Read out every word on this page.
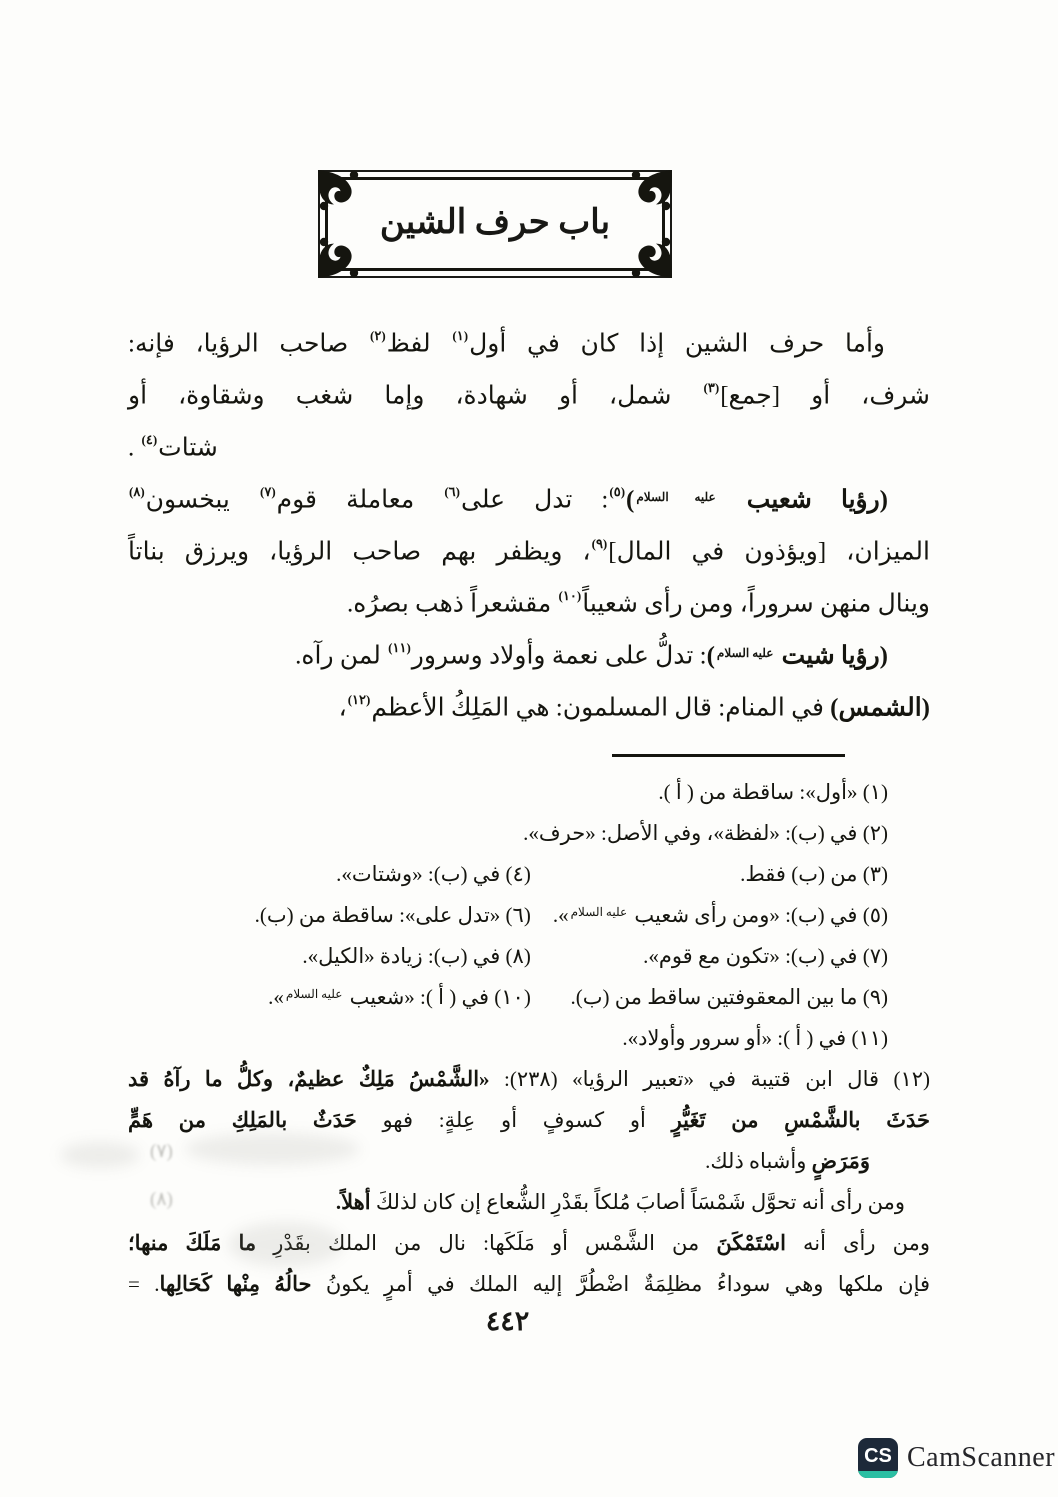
باب حرف الشين
وأما حرف الشين إذا كان في أول$^{(١)}$ لفظ$^{(٢)}$ صاحب الرؤيا، فإنه:
شرف، أو [جمع]$^{(٣)}$ شمل، أو شهادة، وإما شغب وشقاوة، أو
شتات$^{(٤)}$ .
(رؤيا شعيب $^{عليه السلام}$)$^{(٥)}$: تدل على$^{(٦)}$ معاملة قوم$^{(٧)}$ يبخسون$^{(٨)}$
الميزان، [ويؤذون في المال]$^{(٩)}$، ويظفر بهم صاحب الرؤيا، ويرزق بناتاً
وينال منهن سروراً، ومن رأى شعيباً$^{(١٠)}$ مقشعراً ذهب بصرُه.
(رؤيا شيت $^{عليه السلام}$): تدلُّ على نعمة وأولاد وسرور$^{(١١)}$ لمن رآه.
(الشمس) في المنام: قال المسلمون: هي المَلِكُ الأعظم$^{(١٢)}$،
(١) «أول»: ساقطة من ( أ ).
(٢) في (ب): «لفظة»، وفي الأصل: «حرف».
(٣) من (ب) فقط.
(٤) في (ب): «وشتات».
(٥) في (ب): «ومن رأى شعيب $^{عليه السلام}$».
(٦) «تدل على»: ساقطة من (ب).
(٧) في (ب): «تكون مع قوم».
(٨) في (ب): زيادة «الكيل».
(٩) ما بين المعقوفتين ساقط من (ب).
(١٠) في ( أ ): «شعيب $^{عليه السلام}$».
(١١) في ( أ ): «أو سرور وأولاد».
(١٢) قال ابن قتيبة في «تعبير الرؤيا» (٢٣٨): «الشَّمْسُ مَلِكٌ عظيمٌ، وكلُّ ما رآهُ قد
حَدَثَ بالشَّمْسِ من تَغَيُّرٍ أو كسوفٍ أو عِلةٍ: فهو حَدَثٌ بالمَلِكِ من هَمٍّ
وَمَرَضٍ وأشباه ذلك.
ومن رأى أنه تحوَّل شَمْسَاً أصابَ مُلكاً بقَدْرِ الشُّعاع إن كان لذلكَ أهلاً.
ومن رأى أنه اسْتَمْكَنَ من الشَّمْس أو مَلَكَها: نال من الملك بقَدْرِ ما مَلَكَ منها؛
فإن ملكها وهي سوداءُ مظلِمَةٌ اضْطُرَّ إليه الملك في أمرٍ يكونُ حالُهُ مِنْها كَحَالِها. =
(٧)
(٨)
٤٤٢
CS CamScanner
